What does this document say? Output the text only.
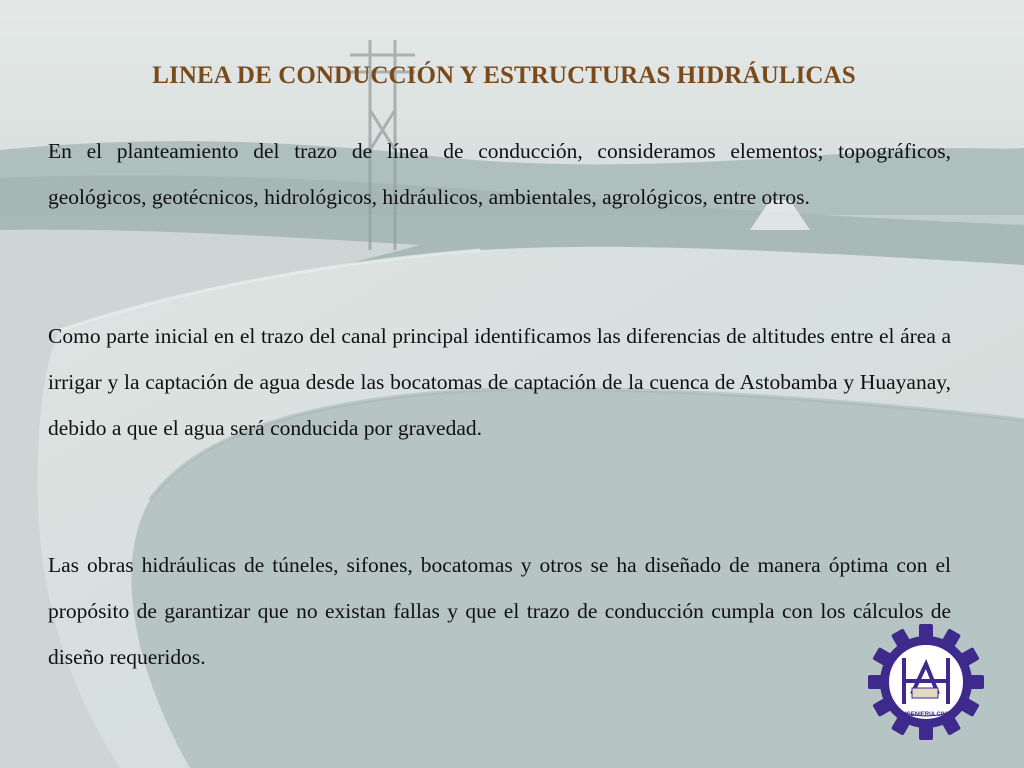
LINEA DE CONDUCCIÓN Y ESTRUCTURAS HIDRÁULICAS

En el planteamiento del trazo de línea de conducción, consideramos elementos; topográficos, geológicos, geotécnicos, hidrológicos, hidráulicos, ambientales, agrológicos, entre otros.

Como parte inicial en el trazo del canal principal identificamos las diferencias de altitudes entre el área a irrigar y la captación de agua desde las bocatomas de captación de la cuenca de Astobamba y Huayanay, debido a que el agua será conducida por gravedad.

Las obras hidráulicas de túneles, sifones, bocatomas y otros se ha diseñado de manera óptima con el propósito de garantizar que no existan fallas y que el trazo de conducción cumpla con los cálculos de diseño requeridos.

INGENIERIA CIVIL
